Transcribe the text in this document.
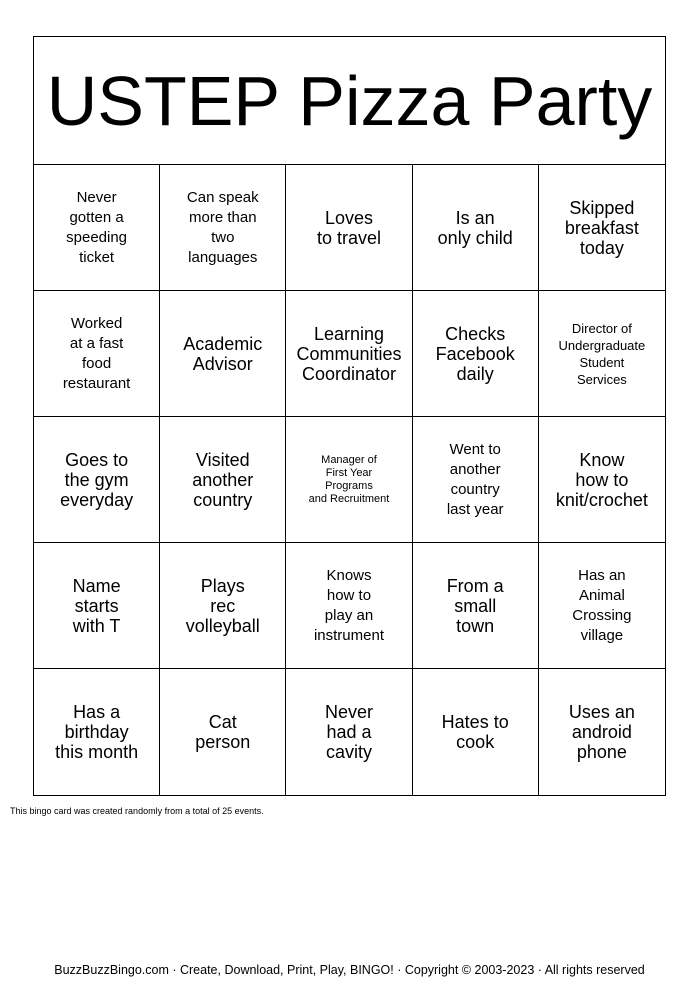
USTEP Pizza Party
Never
gotten a
speeding
ticket
Can speak
more than
two
languages
Loves
to travel
Is an
only child
Skipped
breakfast
today
Worked
at a fast
food
restaurant
Academic
Advisor
Learning
Communities
Coordinator
Checks
Facebook
daily
Director of
Undergraduate
Student
Services
Goes to
the gym
everyday
Visited
another
country
Manager of
First Year
Programs
and Recruitment
Went to
another
country
last year
Know
how to
knit/crochet
Name
starts
with T
Plays
rec
volleyball
Knows
how to
play an
instrument
From a
small
town
Has an
Animal
Crossing
village
Has a
birthday
this month
Cat
person
Never
had a
cavity
Hates to
cook
Uses an
android
phone
This bingo card was created randomly from a total of 25 events.
BuzzBuzzBingo.com · Create, Download, Print, Play, BINGO! · Copyright © 2003-2023 · All rights reserved
